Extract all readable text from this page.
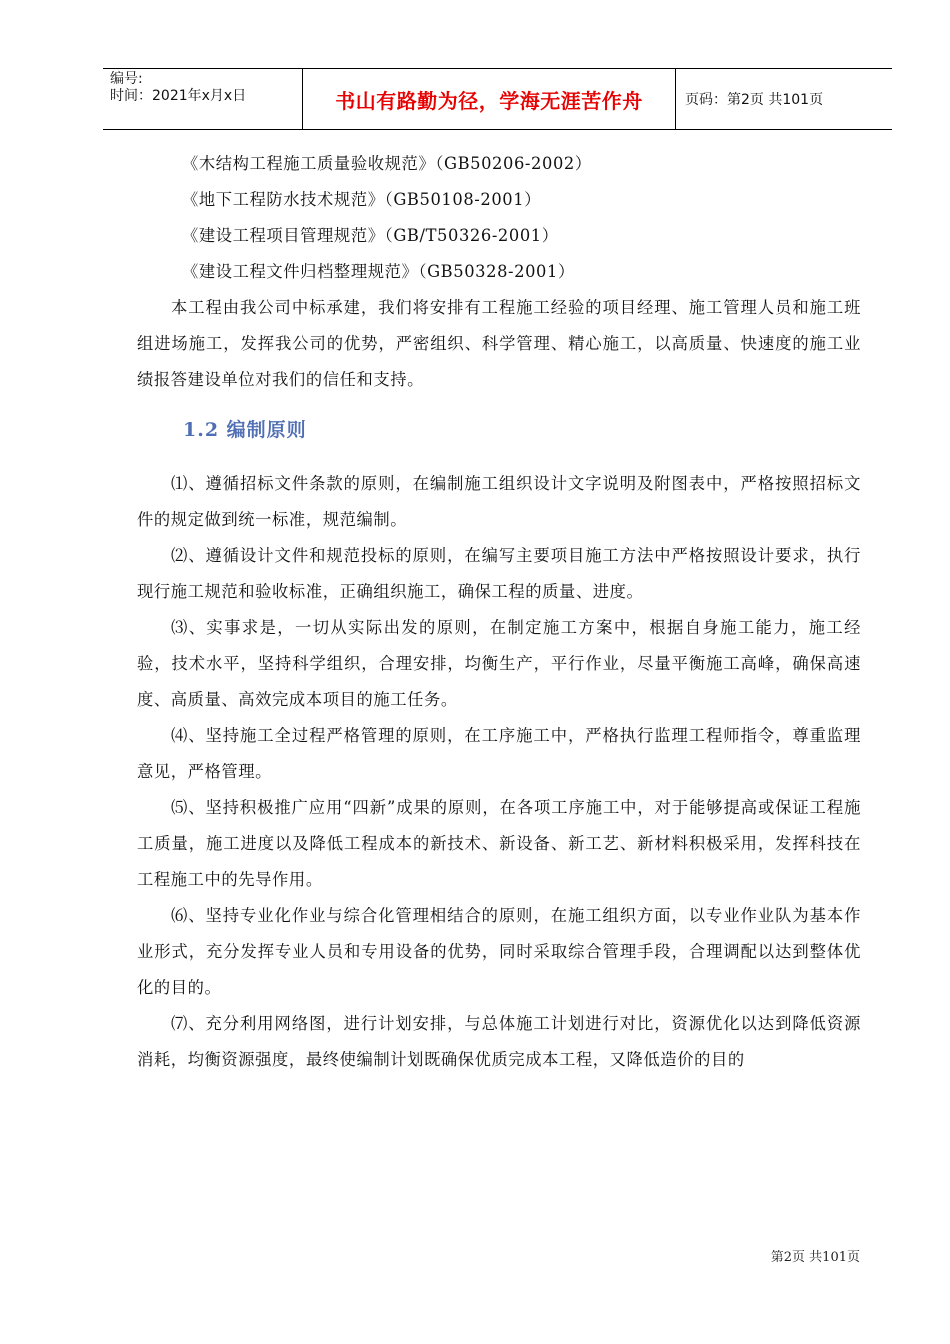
编号:
时间：2021年x月x日	书山有路勤为径，学海无涯苦作舟	页码：第2页 共101页
《木结构工程施工质量验收规范》（GB50206-2002）
《地下工程防水技术规范》（GB50108-2001）
《建设工程项目管理规范》（GB/T50326-2001）
《建设工程文件归档整理规范》（GB50328-2001）

本工程由我公司中标承建，我们将安排有工程施工经验的项目经理、施工管理人员和施工班组进场施工，发挥我公司的优势，严密组织、科学管理、精心施工，以高质量、快速度的施工业绩报答建设单位对我们的信任和支持。

1.2 编制原则

⑴、遵循招标文件条款的原则，在编制施工组织设计文字说明及附图表中，严格按照招标文件的规定做到统一标准，规范编制。

⑵、遵循设计文件和规范投标的原则，在编写主要项目施工方法中严格按照设计要求，执行现行施工规范和验收标准，正确组织施工，确保工程的质量、进度。

⑶、实事求是，一切从实际出发的原则，在制定施工方案中，根据自身施工能力，施工经验，技术水平，坚持科学组织，合理安排，均衡生产，平行作业，尽量平衡施工高峰，确保高速度、高质量、高效完成本项目的施工任务。

⑷、坚持施工全过程严格管理的原则，在工序施工中，严格执行监理工程师指令，尊重监理意见，严格管理。

⑸、坚持积极推广应用“四新”成果的原则，在各项工序施工中，对于能够提高或保证工程施工质量，施工进度以及降低工程成本的新技术、新设备、新工艺、新材料积极采用，发挥科技在工程施工中的先导作用。

⑹、坚持专业化作业与综合化管理相结合的原则，在施工组织方面，以专业作业队为基本作业形式，充分发挥专业人员和专用设备的优势，同时采取综合管理手段，合理调配以达到整体优化的目的。

⑺、充分利用网络图，进行计划安排，与总体施工计划进行对比，资源优化以达到降低资源消耗，均衡资源强度，最终使编制计划既确保优质完成本工程，又降低造价的目的

第2页 共101页
